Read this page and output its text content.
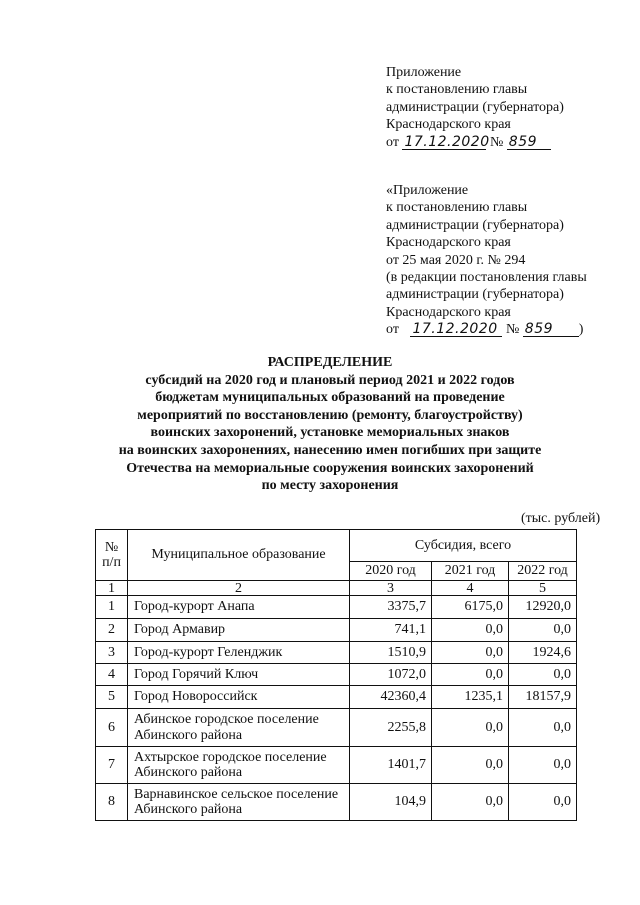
Приложение
к постановлению главы
администрации (губернатора)
Краснодарского края
от 17.12.2020 № 859
«Приложение
к постановлению главы
администрации (губернатора)
Краснодарского края
от 25 мая 2020 г. № 294
(в редакции постановления главы
администрации (губернатора)
Краснодарского края
от 17.12.2020 № 859 )
РАСПРЕДЕЛЕНИЕ
субсидий на 2020 год и плановый период 2021 и 2022 годов
бюджетам муниципальных образований на проведение
мероприятий по восстановлению (ремонту, благоустройству)
воинских захоронений, установке мемориальных знаков
на воинских захоронениях, нанесению имен погибших при защите
Отечества на мемориальные сооружения воинских захоронений
по месту захоронения
(тыс. рублей)
№ п/п	Муниципальное образование	Субсидия, всего		
		2020 год	2021 год	2022 год
1	2	3	4	5
1	Город-курорт Анапа	3375,7	6175,0	12920,0
2	Город Армавир	741,1	0,0	0,0
3	Город-курорт Геленджик	1510,9	0,0	1924,6
4	Город Горячий Ключ	1072,0	0,0	0,0
5	Город Новороссийск	42360,4	1235,1	18157,9
6	Абинское городское поселение Абинского района	2255,8	0,0	0,0
7	Ахтырское городское поселение Абинского района	1401,7	0,0	0,0
8	Варнавинское сельское поселение Абинского района	104,9	0,0	0,0
